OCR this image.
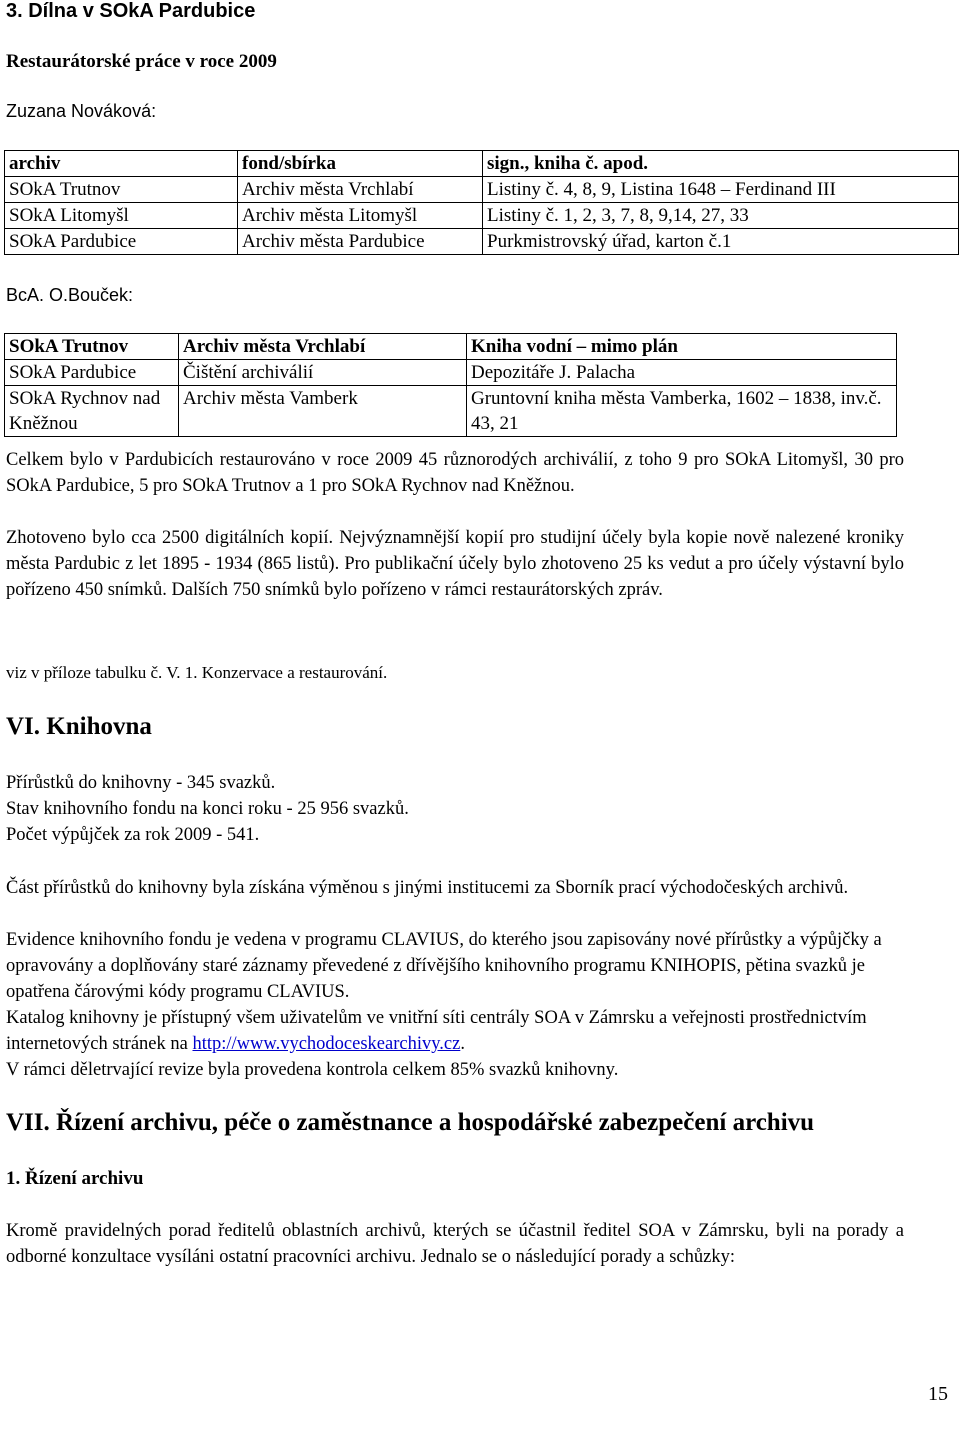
3. Dílna v SOkA Pardubice
Restaurátorské práce v roce 2009
Zuzana Nováková:
archiv	fond/sbírka	sign., kniha č. apod.
SOkA Trutnov	Archiv města Vrchlabí	Listiny č. 4, 8, 9, Listina 1648 – Ferdinand III
SOkA Litomyšl	Archiv města Litomyšl	Listiny č. 1, 2, 3, 7, 8, 9,14, 27, 33
SOkA Pardubice	Archiv města Pardubice	Purkmistrovský úřad, karton č.1
BcA. O.Bouček:
SOkA Trutnov	Archiv města Vrchlabí	Kniha vodní – mimo plán
SOkA Pardubice	Čištění archiválií	Depozitáře J. Palacha
SOkA Rychnov nad Kněžnou	Archiv města Vamberk	Gruntovní kniha města Vamberka, 1602 – 1838, inv.č. 43, 21

Celkem bylo v Pardubicích restaurováno v roce 2009 45 různorodých archiválií, z toho 9 pro SOkA Litomyšl, 30 pro SOkA Pardubice, 5 pro SOkA Trutnov a 1 pro SOkA Rychnov nad Kněžnou.

Zhotoveno bylo cca 2500 digitálních kopií. Nejvýznamnější kopií pro studijní účely byla kopie nově nalezené kroniky města Pardubic z let 1895 - 1934 (865 listů). Pro publikační účely bylo zhotoveno 25 ks vedut a pro účely výstavní bylo pořízeno 450 snímků. Dalších 750 snímků bylo pořízeno v rámci restaurátorských zpráv.

viz v příloze tabulku č. V. 1. Konzervace a restaurování.
VI. Knihovna
Přírůstků do knihovny - 345 svazků.
Stav knihovního fondu na konci roku - 25 956 svazků.
Počet výpůjček za rok 2009 - 541.

Část přírůstků do knihovny byla získána výměnou s jinými institucemi za Sborník prací východočeských archivů.

Evidence knihovního fondu je vedena v programu CLAVIUS, do kterého jsou zapisovány nové přírůstky a výpůjčky a opravovány a doplňovány staré záznamy převedené z dřívějšího knihovního programu KNIHOPIS, pětina svazků je opatřena čárovými kódy programu CLAVIUS.

Katalog knihovny je přístupný všem uživatelům ve vnitřní síti centrály SOA v Zámrsku a veřejnosti prostřednictvím internetových stránek na http://www.vychodoceskearchivy.cz.

V rámci děletrvající revize byla provedena kontrola celkem 85% svazků knihovny.

VII. Řízení archivu, péče o zaměstnance a hospodářské zabezpečení archivu
1. Řízení archivu

Kromě pravidelných porad ředitelů oblastních archivů, kterých se účastnil ředitel SOA v Zámrsku, byli na porady a odborné konzultace vysíláni ostatní pracovníci archivu. Jednalo se o následující porady a schůzky:

15
